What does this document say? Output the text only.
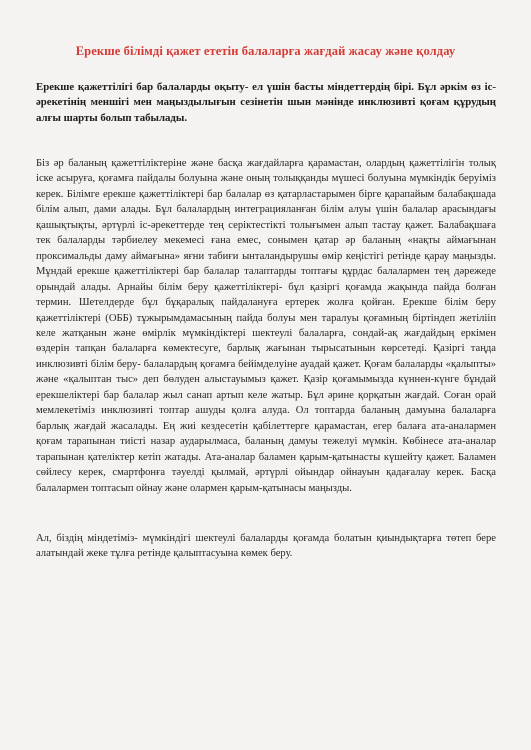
Ерекше білімді қажет ететін балаларға жағдай жасау және қолдау

Ерекше қажеттілігі бар балаларды оқыту- ел үшін басты міндеттердің бірі. Бұл әркім өз іс- әрекетінің меншігі мен маңыздылығын сезінетін шын мәнінде инклюзивті қоғам құрудың алғы шарты болып табылады.

Біз әр баланың қажеттіліктеріне және басқа жағдайларға қарамастан, олардың қажеттілігін толық іске асыруға, қоғамға пайдалы болуына және оның толыққанды мүшесі болуына мүмкіндік беруіміз керек. Білімге ерекше қажеттіліктері бар балалар өз қатарластарымен бірге қарапайым балабақшада білім алып, дами алады. Бұл балалардың интеграцияланған білім алуы үшін балалар арасындағы қашықтықты, әртүрлі іс-әрекеттерде тең серіктестікті толығымен алып тастау қажет. Балабақшаға тек балаларды тәрбиелеу мекемесі ғана емес, сонымен қатар әр баланың «нақты аймағынан проксимальды даму аймағына» яғни табиғи ынталандырушы өмір кеңістігі ретінде қарау маңызды. Мұндай ерекше қажеттіліктері бар балалар талаптарды топтағы құрдас балалармен тең дәрежеде орындай алады. Арнайы білім беру қажеттіліктері- бұл қазіргі қоғамда жақында пайда болған термин. Шетелдерде бұл бұқаралық пайдалануға ертерек жолға қойған. Ерекше білім беру қажеттіліктері (ОББ) тұжырымдамасының пайда болуы мен таралуы қоғамның біртіндеп жетілііп келе жатқанын және өмірлік мүмкіндіктері шектеулі балаларға, сондай-ақ жағдайдың еркімен өздерін тапқан балаларға көмектесуге, барлық жағынан тырысатынын көрсетеді. Қазіргі таңда инклюзивті білім беру- балалардың қоғамға бейімделуіне ауадай қажет. Қоғам балаларды «қалыпты» және «қалыптан тыс» деп бөлуден алыстауымыз қажет. Қазір қоғамымызда күннен-күнге бұндай ерекшеліктері бар балалар жыл санап артып келе жатыр. Бұл әрине қорқатын жағдай. Соған орай мемлекетіміз инклюзивті топтар ашуды қолға алуда. Ол топтарда баланың дамуына балаларға барлық жағдай жасалады. Ең жиі кездесетін қабілеттерге қарамастан, егер балаға ата-аналармен қоғам тарапынан тиісті назар аударылмаса, баланың дамуы тежелуі мүмкін. Көбінесе ата-аналар тарапынан қателіктер кетіп жатады. Ата-аналар баламен қарым-қатынасты күшейту қажет. Баламен сөйлесу керек, смартфонға тәуелді қылмай, әртүрлі ойындар ойнауын қадағалау керек. Басқа балалармен топтасып ойнау және олармен қарым-қатынасы маңызды.

Ал, біздің міндетіміз- мүмкіндігі шектеулі балаларды қоғамда болатын қиындықтарға төтеп бере алатындай жеке тұлға ретінде қалыптасуына көмек беру.
